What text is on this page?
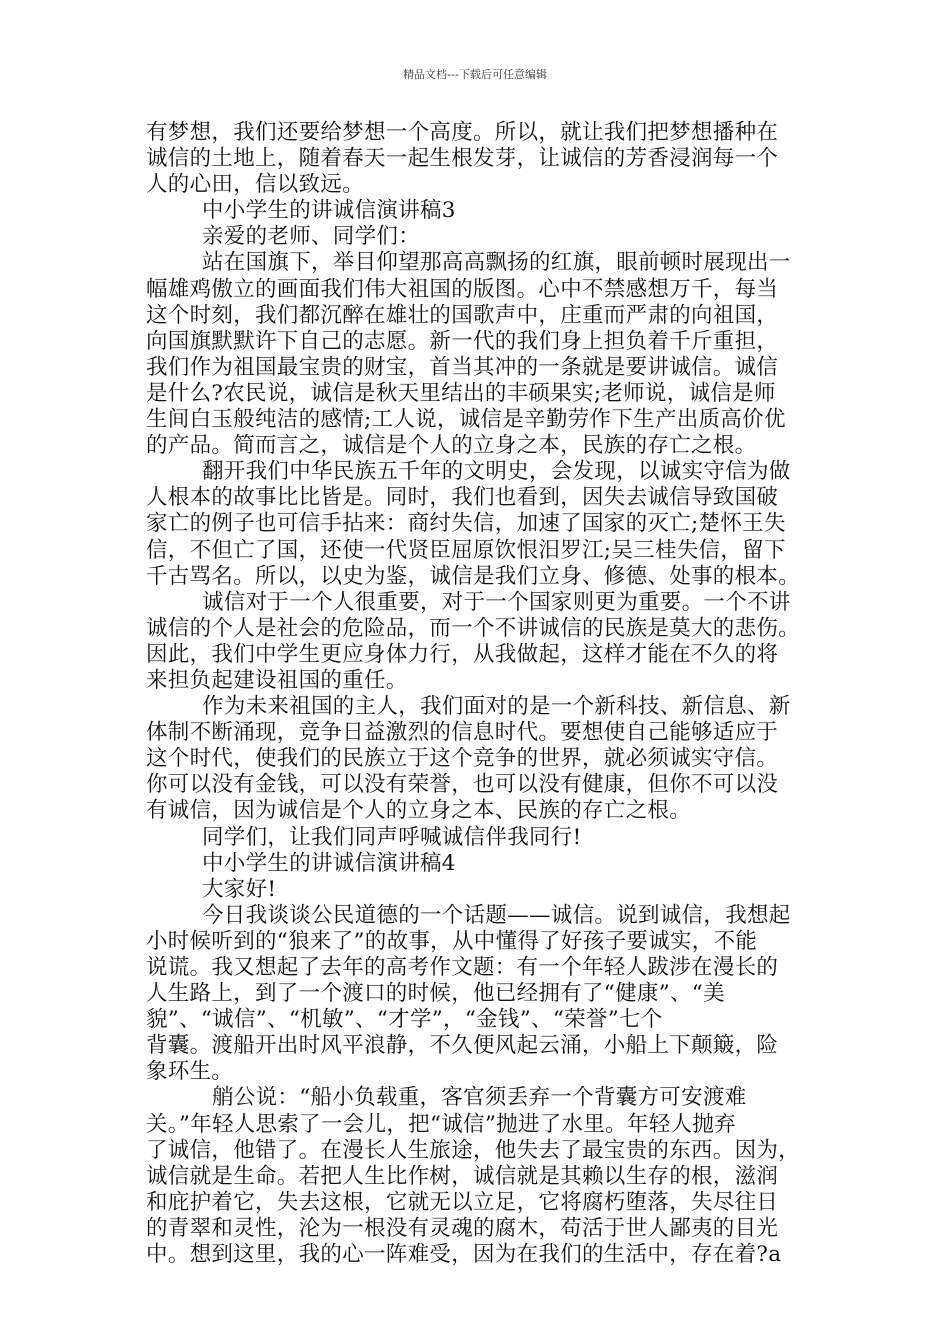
精品文档---下载后可任意编辑
有梦想，我们还要给梦想一个高度。所以，就让我们把梦想播种在
诚信的土地上，随着春天一起生根发芽，让诚信的芳香浸润每一个
人的心田，信以致远。
中小学生的讲诚信演讲稿3
亲爱的老师、同学们：
站在国旗下，举目仰望那高高飘扬的红旗，眼前顿时展现出一
幅雄鸡傲立的画面我们伟大祖国的版图。心中不禁感想万千，每当
这个时刻，我们都沉醉在雄壮的国歌声中，庄重而严肃的向祖国，
向国旗默默许下自己的志愿。新一代的我们身上担负着千斤重担，
我们作为祖国最宝贵的财宝，首当其冲的一条就是要讲诚信。诚信
是什么?农民说，诚信是秋天里结出的丰硕果实;老师说，诚信是师
生间白玉般纯洁的感情;工人说，诚信是辛勤劳作下生产出质高价优
的产品。简而言之，诚信是个人的立身之本，民族的存亡之根。
翻开我们中华民族五千年的文明史，会发现，以诚实守信为做
人根本的故事比比皆是。同时，我们也看到，因失去诚信导致国破
家亡的例子也可信手拈来：商纣失信，加速了国家的灭亡;楚怀王失
信，不但亡了国，还使一代贤臣屈原饮恨汨罗江;吴三桂失信，留下
千古骂名。所以，以史为鉴，诚信是我们立身、修德、处事的根本。
诚信对于一个人很重要，对于一个国家则更为重要。一个不讲
诚信的个人是社会的危险品，而一个不讲诚信的民族是莫大的悲伤。
因此，我们中学生更应身体力行，从我做起，这样才能在不久的将
来担负起建设祖国的重任。
作为未来祖国的主人，我们面对的是一个新科技、新信息、新
体制不断涌现，竞争日益激烈的信息时代。要想使自己能够适应于
这个时代，使我们的民族立于这个竞争的世界，就必须诚实守信。
你可以没有金钱，可以没有荣誉，也可以没有健康，但你不可以没
有诚信，因为诚信是个人的立身之本、民族的存亡之根。
同学们，让我们同声呼喊诚信伴我同行!
中小学生的讲诚信演讲稿4
大家好!
今日我谈谈公民道德的一个话题——诚信。说到诚信，我想起
小时候听到的“狼来了”的故事，从中懂得了好孩子要诚实，不能
说谎。我又想起了去年的高考作文题：有一个年轻人跋涉在漫长的
人生路上，到了一个渡口的时候，他已经拥有了“健康”、“美
貌”、“诚信”、“机敏”、“才学”，“金钱”、“荣誉”七个
背囊。渡船开出时风平浪静，不久便风起云涌，小船上下颠簸，险
象环生。
艄公说：“船小负载重，客官须丢弃一个背囊方可安渡难
关。”年轻人思索了一会儿，把“诚信”抛进了水里。年轻人抛弃
了诚信，他错了。在漫长人生旅途，他失去了最宝贵的东西。因为，
诚信就是生命。若把人生比作树，诚信就是其赖以生存的根，滋润
和庇护着它，失去这根，它就无以立足，它将腐朽堕落，失尽往日
的青翠和灵性，沦为一根没有灵魂的腐木，苟活于世人鄙夷的目光
中。想到这里，我的心一阵难受，因为在我们的生活中，存在着?a
